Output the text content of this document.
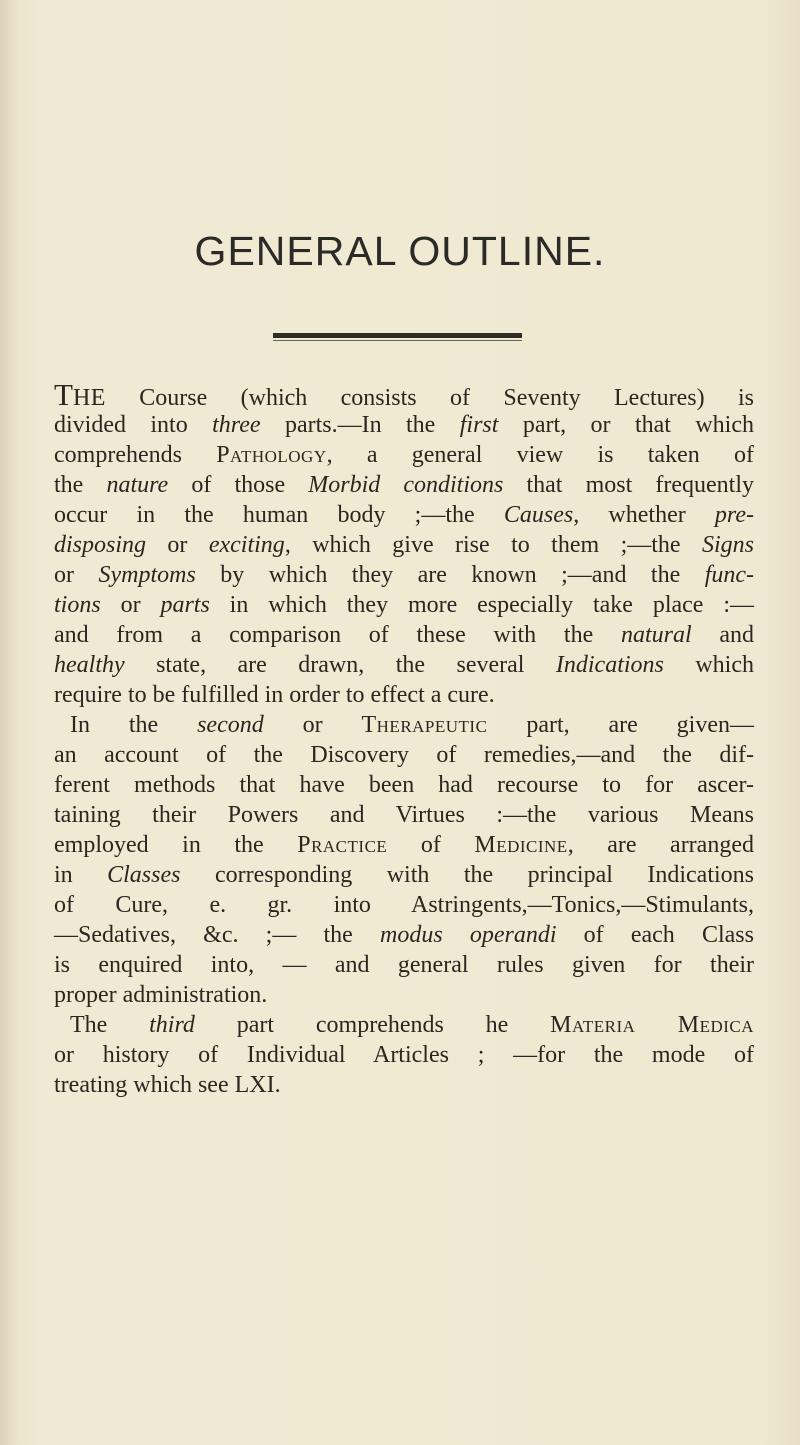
GENERAL OUTLINE.
THE Course (which consists of Seventy Lectures) is
divided into three parts.—In the first part, or that which
comprehends Pathology, a general view is taken of
the nature of those Morbid conditions that most frequently
occur in the human body ;—the Causes, whether pre-
disposing or exciting, which give rise to them ;—the Signs
or Symptoms by which they are known ;—and the func-
tions or parts in which they more especially take place :—
and from a comparison of these with the natural and
healthy state, are drawn, the several Indications which
require to be fulfilled in order to effect a cure.
In the second or Therapeutic part, are given—
an account of the Discovery of remedies,—and the dif-
ferent methods that have been had recourse to for ascer-
taining their Powers and Virtues :—the various Means
employed in the Practice of Medicine, are arranged
in Classes corresponding with the principal Indications
of Cure, e. gr. into Astringents,—Tonics,—Stimulants,
—Sedatives, &c. ;— the modus operandi of each Class
is enquired into, — and general rules given for their
proper administration.
The third part comprehends he Materia Medica
or history of Individual Articles ; —for the mode of
treating which see LXI.
